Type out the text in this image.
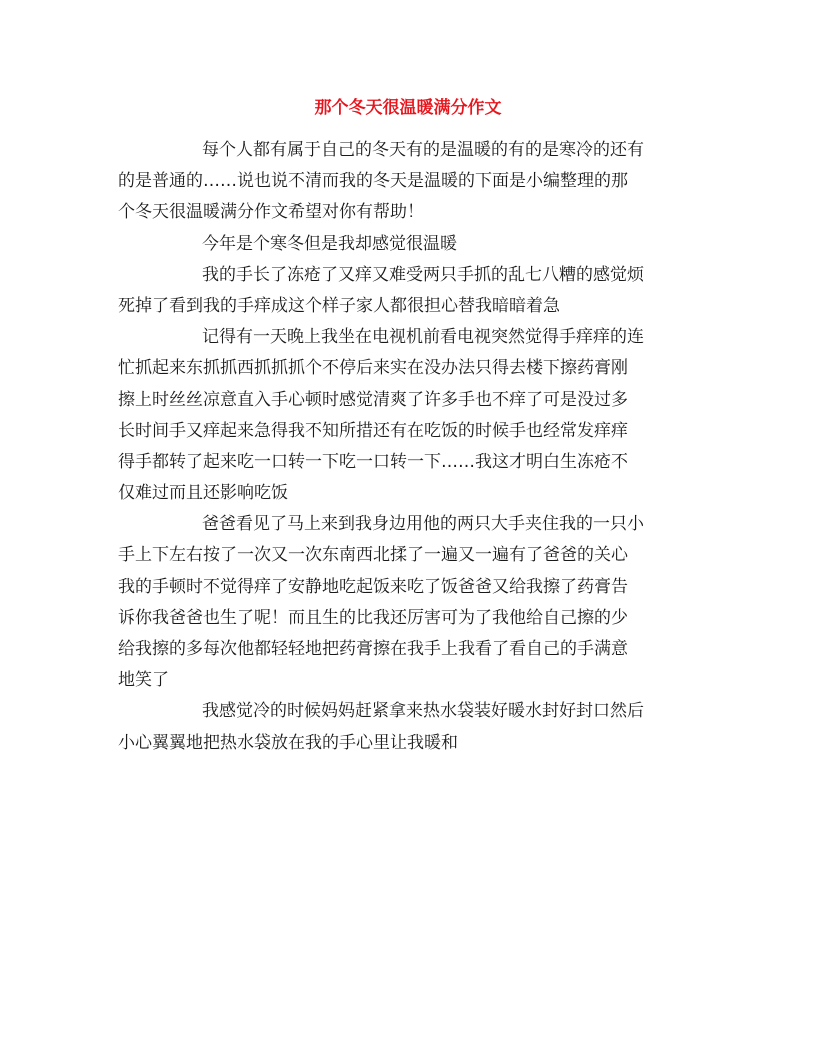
那个冬天很温暖满分作文
每个人都有属于自己的冬天有的是温暖的有的是寒冷的还有
的是普通的……说也说不清而我的冬天是温暖的下面是小编整理的那
个冬天很温暖满分作文希望对你有帮助！
今年是个寒冬但是我却感觉很温暖
我的手长了冻疮了又痒又难受两只手抓的乱七八糟的感觉烦
死掉了看到我的手痒成这个样子家人都很担心替我暗暗着急
记得有一天晚上我坐在电视机前看电视突然觉得手痒痒的连
忙抓起来东抓抓西抓抓抓个不停后来实在没办法只得去楼下擦药膏刚
擦上时丝丝凉意直入手心顿时感觉清爽了许多手也不痒了可是没过多
长时间手又痒起来急得我不知所措还有在吃饭的时候手也经常发痒痒
得手都转了起来吃一口转一下吃一口转一下……我这才明白生冻疮不
仅难过而且还影响吃饭
爸爸看见了马上来到我身边用他的两只大手夹住我的一只小
手上下左右按了一次又一次东南西北揉了一遍又一遍有了爸爸的关心
我的手顿时不觉得痒了安静地吃起饭来吃了饭爸爸又给我擦了药膏告
诉你我爸爸也生了呢！而且生的比我还厉害可为了我他给自己擦的少
给我擦的多每次他都轻轻地把药膏擦在我手上我看了看自己的手满意
地笑了
我感觉冷的时候妈妈赶紧拿来热水袋装好暖水封好封口然后
小心翼翼地把热水袋放在我的手心里让我暖和
